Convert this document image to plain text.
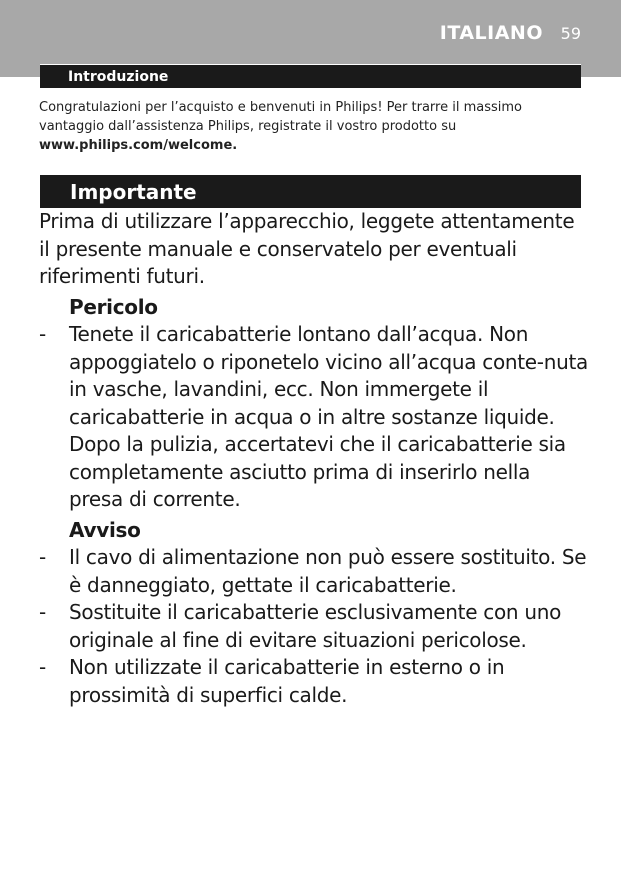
ITALIANO 59
Introduzione
Congratulazioni per l’acquisto e benvenuti in Philips! Per trarre il massimo vantaggio dall’assistenza Philips, registrate il vostro prodotto su
www.philips.com/welcome.
Importante

Prima di utilizzare l’apparecchio, leggete attentamente il presente manuale e conservatelo per eventuali riferimenti futuri.

Pericolo
-	Tenete il caricabatterie lontano dall’acqua. Non appoggiatelo o riponetelo vicino all’acqua conte-nuta in vasche, lavandini, ecc. Non immergete il caricabatterie in acqua o in altre sostanze liquide. Dopo la pulizia, accertatevi che il caricabatterie sia completamente asciutto prima di inserirlo nella presa di corrente.
Avviso
-	Il cavo di alimentazione non può essere sostituito. Se è danneggiato, gettate il caricabatterie.
-	Sostituite il caricabatterie esclusivamente con uno originale al fine di evitare situazioni pericolose.
-	Non utilizzate il caricabatterie in esterno o in prossimità di superfici calde.
